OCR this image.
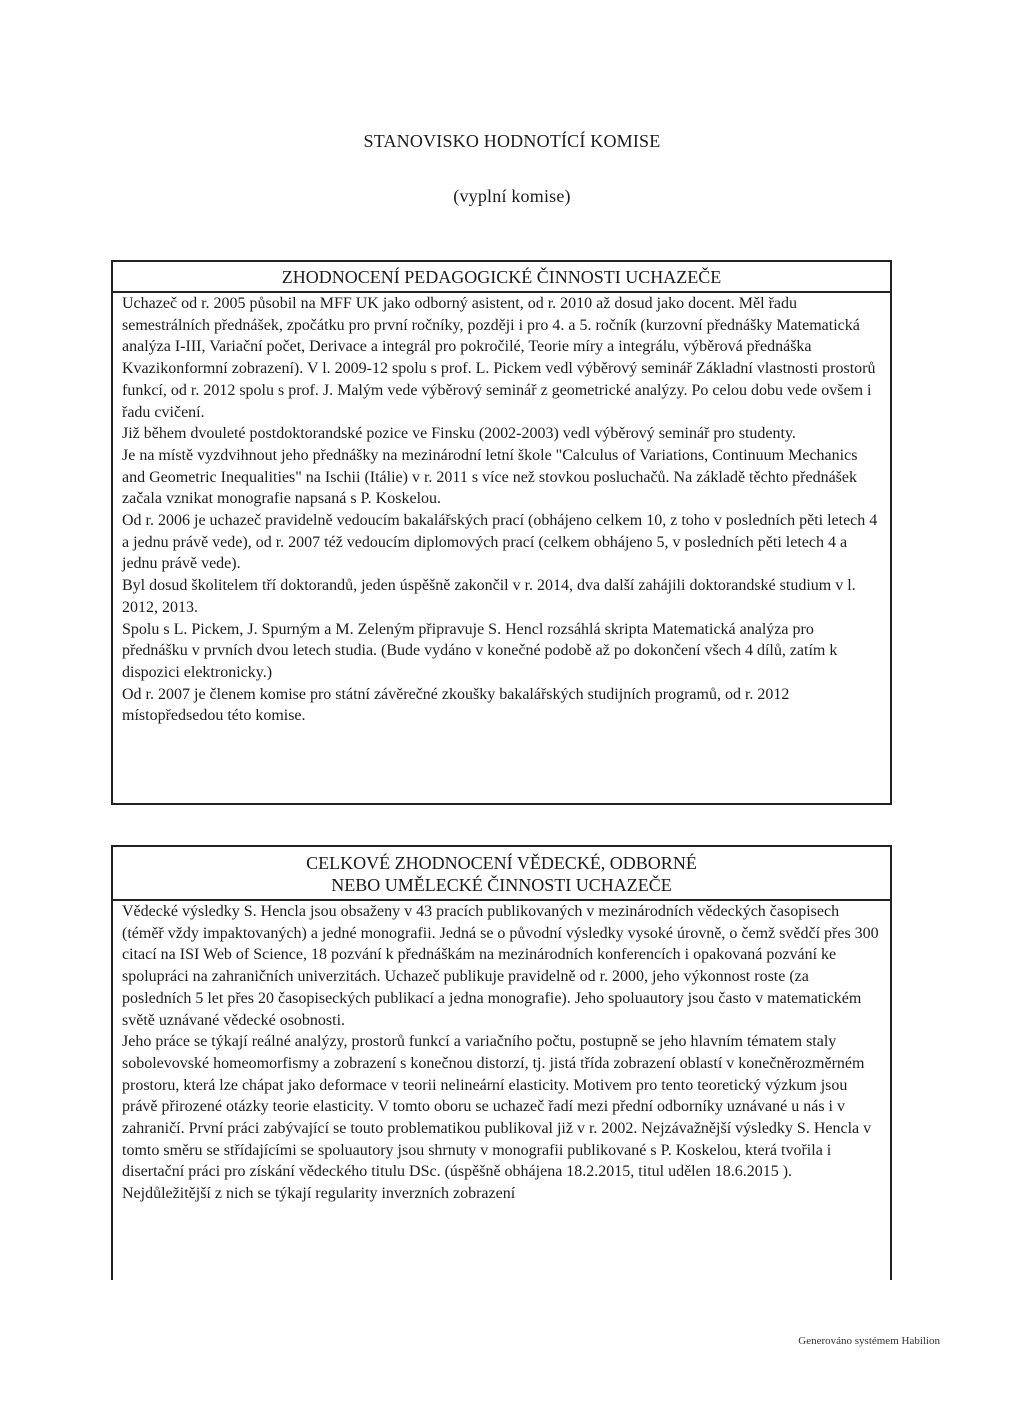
STANOVISKO HODNOTÍCÍ KOMISE
(vyplní komise)
ZHODNOCENÍ PEDAGOGICKÉ ČINNOSTI UCHAZEČE

Uchazeč od r. 2005 působil na MFF UK jako odborný asistent, od r. 2010 až dosud jako docent. Měl řadu semestrálních přednášek, zpočátku pro první ročníky, později i pro 4. a 5. ročník (kurzovní přednášky Matematická analýza I-III, Variační počet, Derivace a integrál pro pokročilé, Teorie míry a integrálu, výběrová přednáška Kvazikonformní zobrazení). V l. 2009-12 spolu s prof. L. Pickem vedl výběrový seminář Základní vlastnosti prostorů funkcí, od r. 2012 spolu s prof. J. Malým vede výběrový seminář z geometrické analýzy. Po celou dobu vede ovšem i řadu cvičení.

Již během dvouleté postdoktorandské pozice ve Finsku (2002-2003) vedl výběrový seminář pro studenty.

Je na místě vyzdvihnout jeho přednášky na mezinárodní letní škole "Calculus of Variations, Continuum Mechanics and Geometric Inequalities" na Ischii (Itálie) v r. 2011 s více než stovkou posluchačů. Na základě těchto přednášek začala vznikat monografie napsaná s P. Koskelou.

Od r. 2006 je uchazeč pravidelně vedoucím bakalářských prací (obhájeno celkem 10, z toho v posledních pěti letech 4 a jednu právě vede), od r. 2007 též vedoucím diplomových prací (celkem obhájeno 5, v posledních pěti letech 4 a jednu právě vede).

Byl dosud školitelem tří doktorandů, jeden úspěšně zakončil v r. 2014, dva další zahájili doktorandské studium v l. 2012, 2013.

Spolu s L. Pickem, J. Spurným a M. Zeleným připravuje S. Hencl rozsáhlá skripta Matematická analýza pro přednášku v prvních dvou letech studia. (Bude vydáno v konečné podobě až po dokončení všech 4 dílů, zatím k dispozici elektronicky.)

Od r. 2007 je členem komise pro státní závěrečné zkoušky bakalářských studijních programů, od r. 2012 místopředsedou této komise.

CELKOVÉ ZHODNOCENÍ VĚDECKÉ, ODBORNÉ
NEBO UMĚLECKÉ ČINNOSTI UCHAZEČE

Vědecké výsledky S. Hencla jsou obsaženy v 43 pracích publikovaných v mezinárodních vědeckých časopisech (téměř vždy impaktovaných) a jedné monografii. Jedná se o původní výsledky vysoké úrovně, o čemž svědčí přes 300 citací na ISI Web of Science, 18 pozvání k přednáškám na mezinárodních konferencích i opakovaná pozvání ke spolupráci na zahraničních univerzitách. Uchazeč publikuje pravidelně od r. 2000, jeho výkonnost roste (za posledních 5 let přes 20 časopiseckých publikací a jedna monografie). Jeho spoluautory jsou často v matematickém světě uznávané vědecké osobnosti.

Jeho práce se týkají reálné analýzy, prostorů funkcí a variačního počtu, postupně se jeho hlavním tématem staly sobolevovské homeomorfismy a zobrazení s konečnou distorzí, tj. jistá třída zobrazení oblastí v konečněrozměrném prostoru, která lze chápat jako deformace v teorii nelineární elasticity. Motivem pro tento teoretický výzkum jsou právě přirozené otázky teorie elasticity. V tomto oboru se uchazeč řadí mezi přední odborníky uznávané u nás i v zahraničí. První práci zabývající se touto problematikou publikoval již v r. 2002. Nejzávažnější výsledky S. Hencla v tomto směru se střídajícími se spoluautory jsou shrnuty v monografii publikované s P. Koskelou, která tvořila i disertační práci pro získání vědeckého titulu DSc. (úspěšně obhájena 18.2.2015, titul udělen 18.6.2015 ). Nejdůležitější z nich se týkají regularity inverzních zobrazení

Generováno systémem Habilion
